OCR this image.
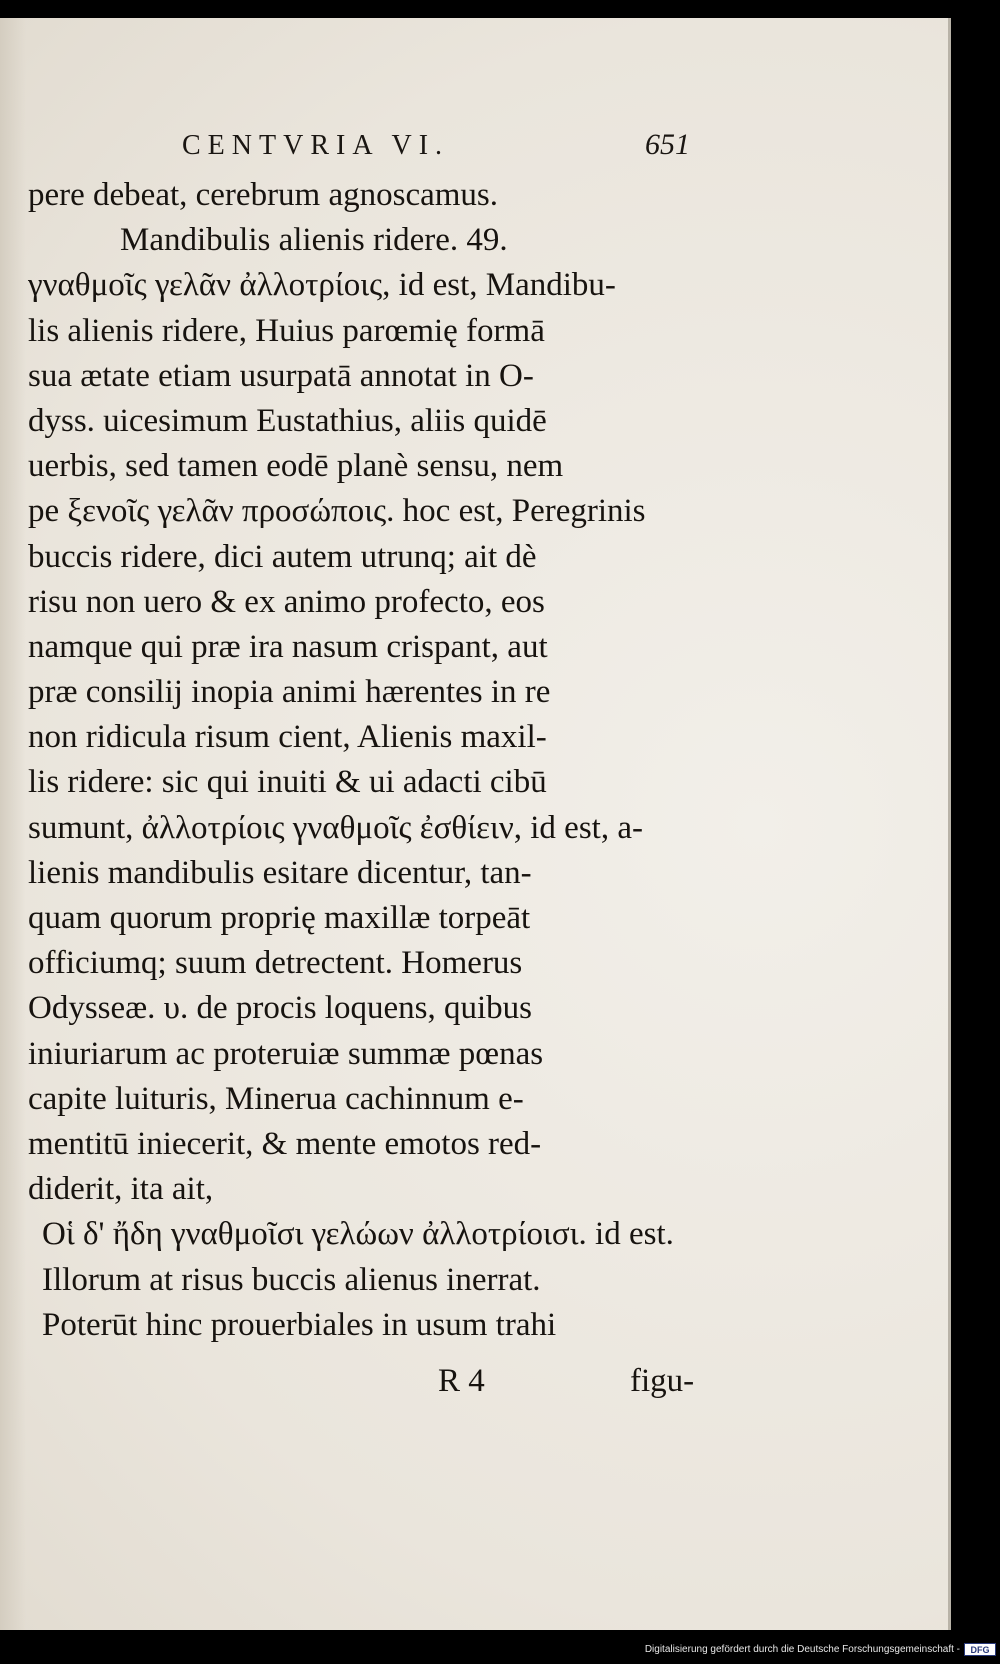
CENTVRIA VI.	651
pere debeat, cerebrum agnoscamus.
Mandibulis alienis ridere. 49.
γναθμοῖς γελᾶν ἀλλοτρίοις, id est, Mandibu-
lis alienis ridere, Huius parœmię formā
sua ætate etiam usurpatā annotat in O-
dyss. uicesimum Eustathius, aliis quidē
uerbis, sed tamen eodē planè sensu, nem
pe ξενοῖς γελᾶν προσώποις. hoc est, Peregrinis
buccis ridere, dici autem utrunq; ait dè
risu non uero & ex animo profecto, eos
namque qui præ ira nasum crispant, aut
præ consilij inopia animi hærentes in re
non ridicula risum cient, Alienis maxil-
lis ridere: sic qui inuiti & ui adacti cibū
sumunt, ἀλλοτρίοις γναθμοῖς ἐσθίειν, id est, a-
lienis mandibulis esitare dicentur, tan-
quam quorum proprię maxillæ torpeāt
officiumq; suum detrectent. Homerus
Odysseæ. υ. de procis loquens, quibus
iniuriarum ac proteruiæ summæ pœnas
capite luituris, Minerua cachinnum e-
mentitū iniecerit, & mente emotos red-
diderit, ita ait,
Οἱ δ' ἤδη γναθμοῖσι γελώων ἀλλοτρίοισι. id est.
Illorum at risus buccis alienus inerrat.
Poterūt hinc prouerbiales in usum trahi
R 4	figu-
Digitalisierung gefördert durch die Deutsche Forschungsgemeinschaft -	DFG
